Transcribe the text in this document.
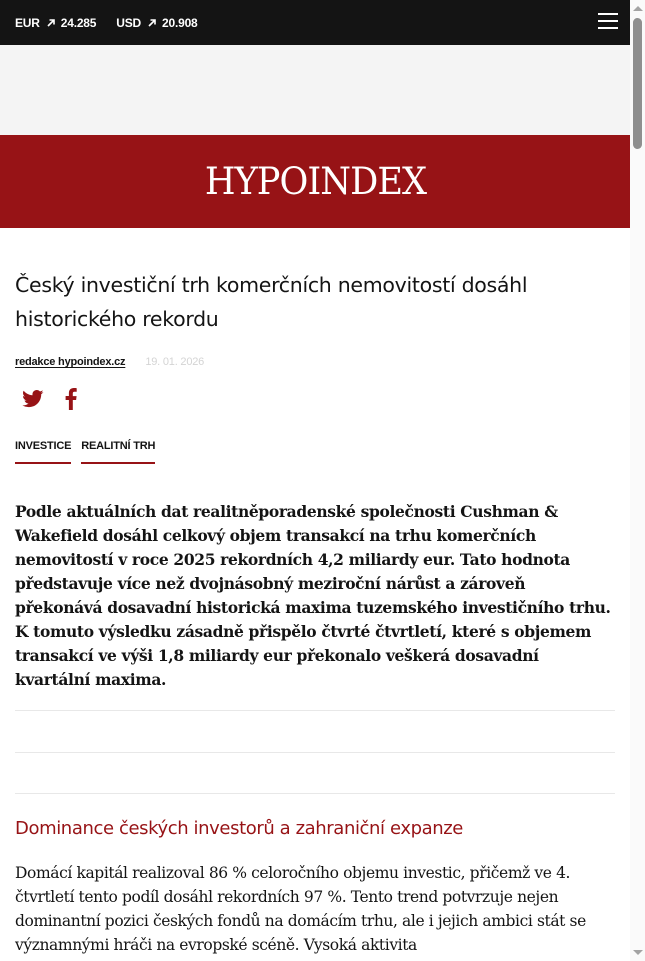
EUR 24.285 USD 20.908
HYPOINDEX
Český investiční trh komerčních nemovitostí dosáhl historického rekordu
redakce hypoindex.cz 19. 01. 2026
INVESTICE REALITNÍ TRH

Podle aktuálních dat realitněporadenské společnosti Cushman & Wakefield dosáhl celkový objem transakcí na trhu komerčních nemovitostí v roce 2025 rekordních 4,2 miliardy eur. Tato hodnota představuje více než dvojnásobný meziroční nárůst a zároveň překonává dosavadní historická maxima tuzemského investičního trhu. K tomuto výsledku zásadně přispělo čtvrté čtvrtletí, které s objemem transakcí ve výši 1,8 miliardy eur překonalo veškerá dosavadní kvartální maxima.

Dominance českých investorů a zahraniční expanze

Domácí kapitál realizoval 86 % celoročního objemu investic, přičemž ve 4. čtvrtletí tento podíl dosáhl rekordních 97 %. Tento trend potvrzuje nejen dominantní pozici českých fondů na domácím trhu, ale i jejich ambici stát se významnými hráči na evropské scéně. Vysoká aktivita
